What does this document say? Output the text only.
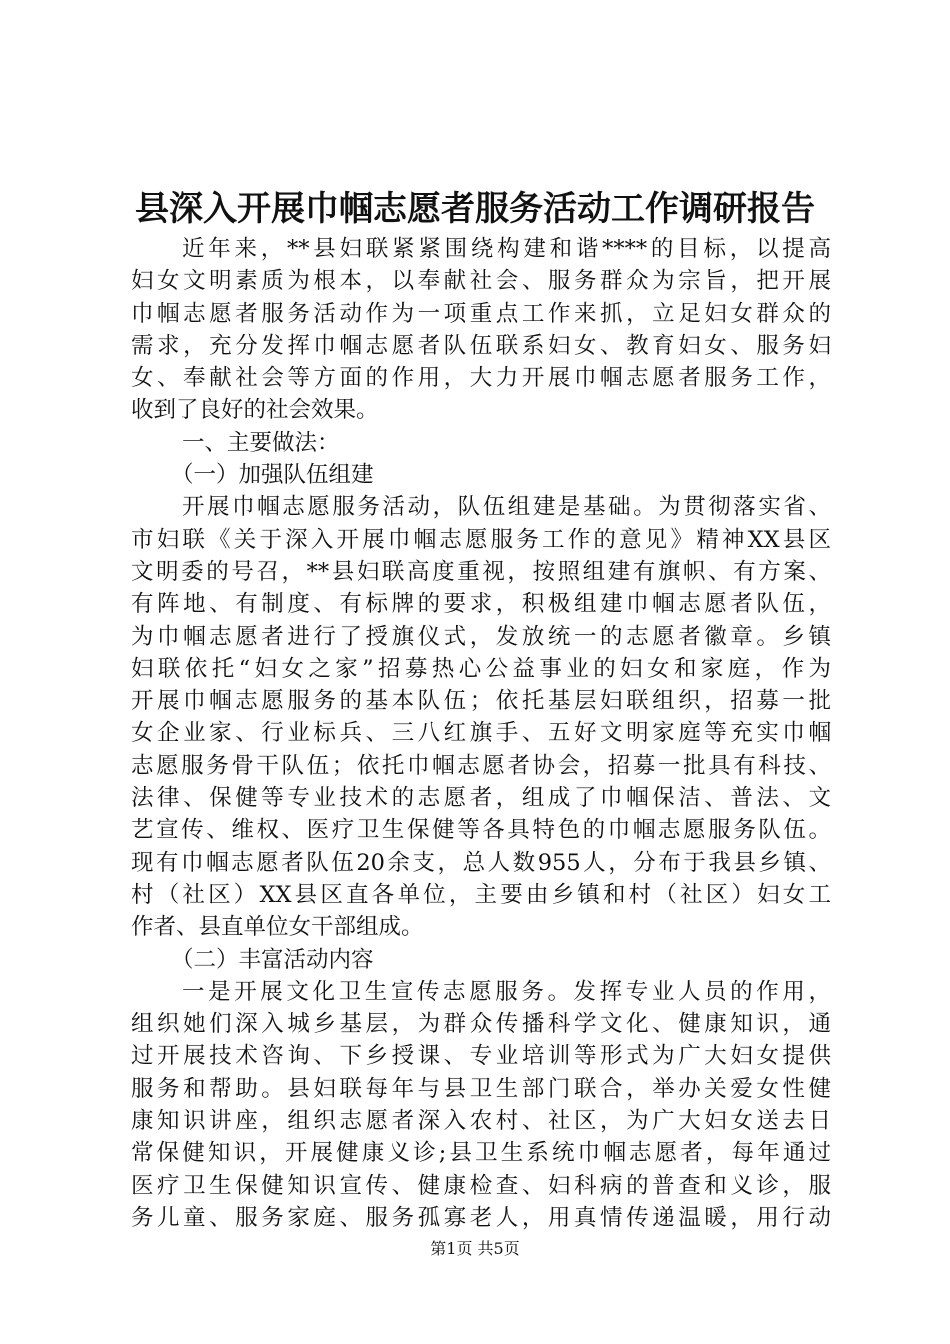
县深入开展巾帼志愿者服务活动工作调研报告
近年来，**县妇联紧紧围绕构建和谐****的目标，以提高
妇女文明素质为根本，以奉献社会、服务群众为宗旨，把开展
巾帼志愿者服务活动作为一项重点工作来抓，立足妇女群众的
需求，充分发挥巾帼志愿者队伍联系妇女、教育妇女、服务妇
女、奉献社会等方面的作用，大力开展巾帼志愿者服务工作，
收到了良好的社会效果。
一、主要做法：
（一）加强队伍组建
开展巾帼志愿服务活动，队伍组建是基础。为贯彻落实省、
市妇联《关于深入开展巾帼志愿服务工作的意见》精神XX县区
文明委的号召，**县妇联高度重视，按照组建有旗帜、有方案、
有阵地、有制度、有标牌的要求，积极组建巾帼志愿者队伍，
为巾帼志愿者进行了授旗仪式，发放统一的志愿者徽章。乡镇
妇联依托“妇女之家”招募热心公益事业的妇女和家庭，作为
开展巾帼志愿服务的基本队伍；依托基层妇联组织，招募一批
女企业家、行业标兵、三八红旗手、五好文明家庭等充实巾帼
志愿服务骨干队伍；依托巾帼志愿者协会，招募一批具有科技、
法律、保健等专业技术的志愿者，组成了巾帼保洁、普法、文
艺宣传、维权、医疗卫生保健等各具特色的巾帼志愿服务队伍。
现有巾帼志愿者队伍20余支，总人数955人，分布于我县乡镇、
村（社区）XX县区直各单位，主要由乡镇和村（社区）妇女工
作者、县直单位女干部组成。
（二）丰富活动内容
一是开展文化卫生宣传志愿服务。发挥专业人员的作用，
组织她们深入城乡基层，为群众传播科学文化、健康知识，通
过开展技术咨询、下乡授课、专业培训等形式为广大妇女提供
服务和帮助。县妇联每年与县卫生部门联合，举办关爱女性健
康知识讲座，组织志愿者深入农村、社区，为广大妇女送去日
常保健知识，开展健康义诊;县卫生系统巾帼志愿者，每年通过
医疗卫生保健知识宣传、健康检查、妇科病的普查和义诊，服
务儿童、服务家庭、服务孤寡老人，用真情传递温暖，用行动
第1页 共5页
